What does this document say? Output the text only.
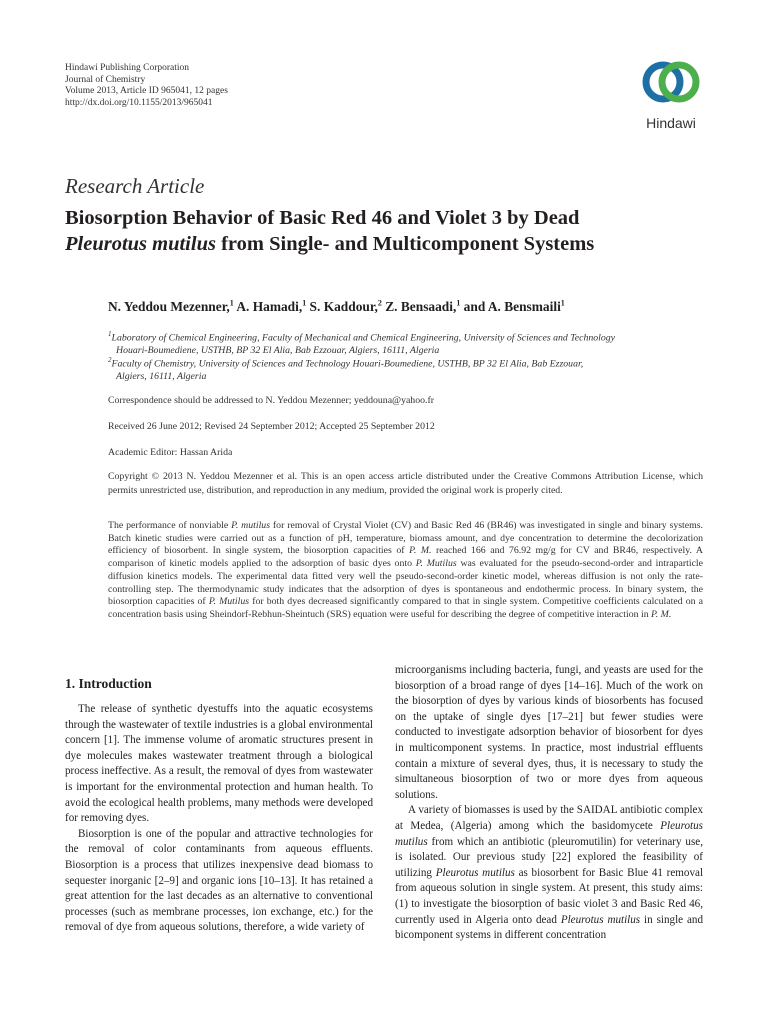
Hindawi Publishing Corporation
Journal of Chemistry
Volume 2013, Article ID 965041, 12 pages
http://dx.doi.org/10.1155/2013/965041
Hindawi
Research Article
Biosorption Behavior of Basic Red 46 and Violet 3 by Dead
Pleurotus mutilus from Single- and Multicomponent Systems
N. Yeddou Mezenner,$^1$ A. Hamadi,$^1$ S. Kaddour,$^2$ Z. Bensaadi,$^1$ and A. Bensmaili$^1$
$^1$Laboratory of Chemical Engineering, Faculty of Mechanical and Chemical Engineering, University of Sciences and Technology
Houari-Boumediene, USTHB, BP 32 El Alia, Bab Ezzouar, Algiers, 16111, Algeria
$^2$Faculty of Chemistry, University of Sciences and Technology Houari-Boumediene, USTHB, BP 32 El Alia, Bab Ezzouar,
Algiers, 16111, Algeria
Correspondence should be addressed to N. Yeddou Mezenner; yeddouna@yahoo.fr
Received 26 June 2012; Revised 24 September 2012; Accepted 25 September 2012
Academic Editor: Hassan Arida
Copyright © 2013 N. Yeddou Mezenner et al. This is an open access article distributed under the Creative Commons Attribution License, which permits unrestricted use, distribution, and reproduction in any medium, provided the original work is properly cited.
The performance of nonviable P. mutilus for removal of Crystal Violet (CV) and Basic Red 46 (BR46) was investigated in single and binary systems. Batch kinetic studies were carried out as a function of pH, temperature, biomass amount, and dye concentration to determine the decolorization efficiency of biosorbent. In single system, the biosorption capacities of P. M. reached 166 and 76.92 mg/g for CV and BR46, respectively. A comparison of kinetic models applied to the adsorption of basic dyes onto P. Mutilus was evaluated for the pseudo-second-order and intraparticle diffusion kinetics models. The experimental data fitted very well the pseudo-second-order kinetic model, whereas diffusion is not only the rate-controlling step. The thermodynamic study indicates that the adsorption of dyes is spontaneous and endothermic process. In binary system, the biosorption capacities of P. Mutilus for both dyes decreased significantly compared to that in single system. Competitive coefficients calculated on a concentration basis using Sheindorf-Rebhun-Sheintuch (SRS) equation were useful for describing the degree of competitive interaction in P. M.
1. Introduction

The release of synthetic dyestuffs into the aquatic ecosystems through the wastewater of textile industries is a global environmental concern [1]. The immense volume of aromatic structures present in dye molecules makes wastewater treatment through a biological process ineffective. As a result, the removal of dyes from wastewater is important for the environmental protection and human health. To avoid the ecological health problems, many methods were developed for removing dyes.

Biosorption is one of the popular and attractive technologies for the removal of color contaminants from aqueous effluents. Biosorption is a process that utilizes inexpensive dead biomass to sequester inorganic [2–9] and organic ions [10–13]. It has retained a great attention for the last decades as an alternative to conventional processes (such as membrane processes, ion exchange, etc.) for the removal of dye from aqueous solutions, therefore, a wide variety of

microorganisms including bacteria, fungi, and yeasts are used for the biosorption of a broad range of dyes [14–16]. Much of the work on the biosorption of dyes by various kinds of biosorbents has focused on the uptake of single dyes [17–21] but fewer studies were conducted to investigate adsorption behavior of biosorbent for dyes in multicomponent systems. In practice, most industrial effluents contain a mixture of several dyes, thus, it is necessary to study the simultaneous biosorption of two or more dyes from aqueous solutions.

A variety of biomasses is used by the SAIDAL antibiotic complex at Medea, (Algeria) among which the basidomycete Pleurotus mutilus from which an antibiotic (pleuromutilin) for veterinary use, is isolated. Our previous study [22] explored the feasibility of utilizing Pleurotus mutilus as biosorbent for Basic Blue 41 removal from aqueous solution in single system. At present, this study aims: (1) to investigate the biosorption of basic violet 3 and Basic Red 46, currently used in Algeria onto dead Pleurotus mutilus in single and bicomponent systems in different concentration
